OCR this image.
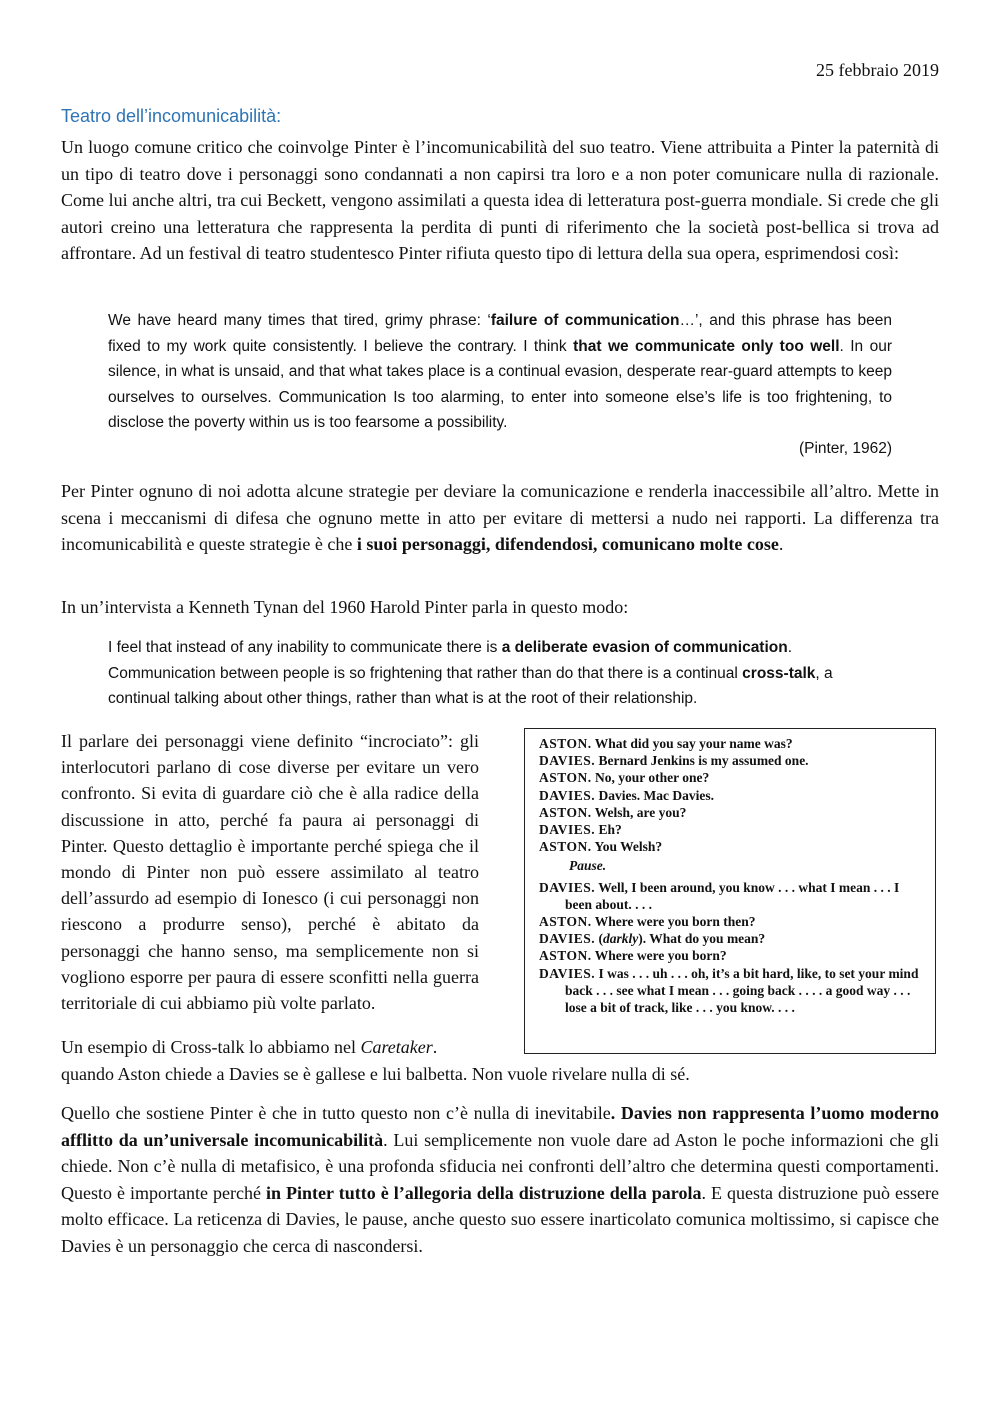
25 febbraio 2019
Teatro dell’incomunicabilità:

Un luogo comune critico che coinvolge Pinter è l’incomunicabilità del suo teatro. Viene attribuita a Pinter la paternità di un tipo di teatro dove i personaggi sono condannati a non capirsi tra loro e a non poter comunicare nulla di razionale. Come lui anche altri, tra cui Beckett, vengono assimilati a questa idea di letteratura post-guerra mondiale. Si crede che gli autori creino una letteratura che rappresenta la perdita di punti di riferimento che la società post-bellica si trova ad affrontare. Ad un festival di teatro studentesco Pinter rifiuta questo tipo di lettura della sua opera, esprimendosi così:

We have heard many times that tired, grimy phrase: ‘failure of communication…’, and this phrase has been fixed to my work quite consistently. I believe the contrary. I think that we communicate only too well. In our silence, in what is unsaid, and that what takes place is a continual evasion, desperate rear-guard attempts to keep ourselves to ourselves. Communication Is too alarming, to enter into someone else’s life is too frightening, to disclose the poverty within us is too fearsome a possibility.
(Pinter, 1962)

Per Pinter ognuno di noi adotta alcune strategie per deviare la comunicazione e renderla inaccessibile all’altro. Mette in scena i meccanismi di difesa che ognuno mette in atto per evitare di mettersi a nudo nei rapporti. La differenza tra incomunicabilità e queste strategie è che i suoi personaggi, difendendosi, comunicano molte cose.

In un’intervista a Kenneth Tynan del 1960 Harold Pinter parla in questo modo:

I feel that instead of any inability to communicate there is a deliberate evasion of communication. Communication between people is so frightening that rather than do that there is a continual cross-talk, a continual talking about other things, rather than what is at the root of their relationship.

Il parlare dei personaggi viene definito “incrociato”: gli interlocutori parlano di cose diverse per evitare un vero confronto. Si evita di guardare ciò che è alla radice della discussione in atto, perché fa paura ai personaggi di Pinter. Questo dettaglio è importante perché spiega che il mondo di Pinter non può essere assimilato al teatro dell’assurdo ad esempio di Ionesco (i cui personaggi non riescono a produrre senso), perché è abitato da personaggi che hanno senso, ma semplicemente non si vogliono esporre per paura di essere sconfitti nella guerra territoriale di cui abbiamo più volte parlato.

ASTON. What did you say your name was?
DAVIES. Bernard Jenkins is my assumed one.
ASTON. No, your other one?
DAVIES. Davies. Mac Davies.
ASTON. Welsh, are you?
DAVIES. Eh?
ASTON. You Welsh?
Pause.
DAVIES. Well, I been around, you know . . . what I mean . . . I been about. . . .
ASTON. Where were you born then?
DAVIES. (darkly). What do you mean?
ASTON. Where were you born?
DAVIES. I was . . . uh . . . oh, it’s a bit hard, like, to set your mind back . . . see what I mean . . . going back . . . . a good way . . . lose a bit of track, like . . . you know. . . .

Un esempio di Cross-talk lo abbiamo nel Caretaker.
quando Aston chiede a Davies se è gallese e lui balbetta. Non vuole rivelare nulla di sé.

Quello che sostiene Pinter è che in tutto questo non c’è nulla di inevitabile. Davies non rappresenta l’uomo moderno afflitto da un’universale incomunicabilità. Lui semplicemente non vuole dare ad Aston le poche informazioni che gli chiede. Non c’è nulla di metafisico, è una profonda sfiducia nei confronti dell’altro che determina questi comportamenti. Questo è importante perché in Pinter tutto è l’allegoria della distruzione della parola. E questa distruzione può essere molto efficace. La reticenza di Davies, le pause, anche questo suo essere inarticolato comunica moltissimo, si capisce che Davies è un personaggio che cerca di nascondersi.
